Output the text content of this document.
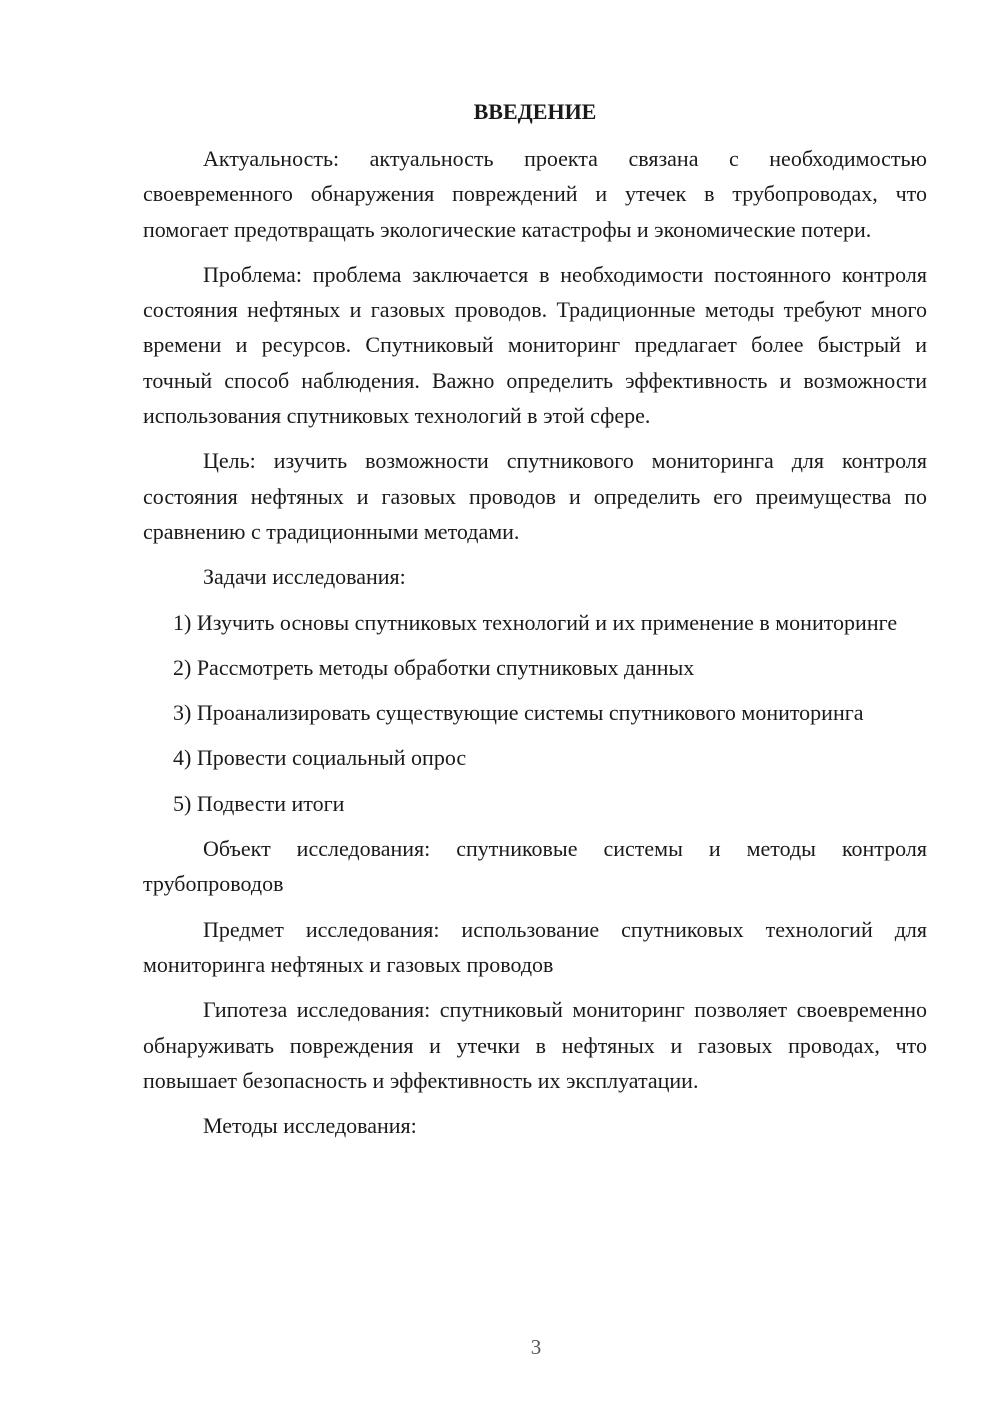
ВВЕДЕНИЕ

Актуальность: актуальность проекта связана с необходимостью своевременного обнаружения повреждений и утечек в трубопроводах, что помогает предотвращать экологические катастрофы и экономические потери.

Проблема: проблема заключается в необходимости постоянного контроля состояния нефтяных и газовых проводов. Традиционные методы требуют много времени и ресурсов. Спутниковый мониторинг предлагает более быстрый и точный способ наблюдения. Важно определить эффективность и возможности использования спутниковых технологий в этой сфере.

Цель: изучить возможности спутникового мониторинга для контроля состояния нефтяных и газовых проводов и определить его преимущества по сравнению с традиционными методами.

Задачи исследования:

1) Изучить основы спутниковых технологий и их применение в мониторинге

2) Рассмотреть методы обработки спутниковых данных

3) Проанализировать существующие системы спутникового мониторинга

4) Провести социальный опрос

5) Подвести итоги

Объект исследования: спутниковые системы и методы контроля трубопроводов

Предмет исследования: использование спутниковых технологий для мониторинга нефтяных и газовых проводов

Гипотеза исследования: спутниковый мониторинг позволяет своевременно обнаруживать повреждения и утечки в нефтяных и газовых проводах, что повышает безопасность и эффективность их эксплуатации.

Методы исследования:

3
